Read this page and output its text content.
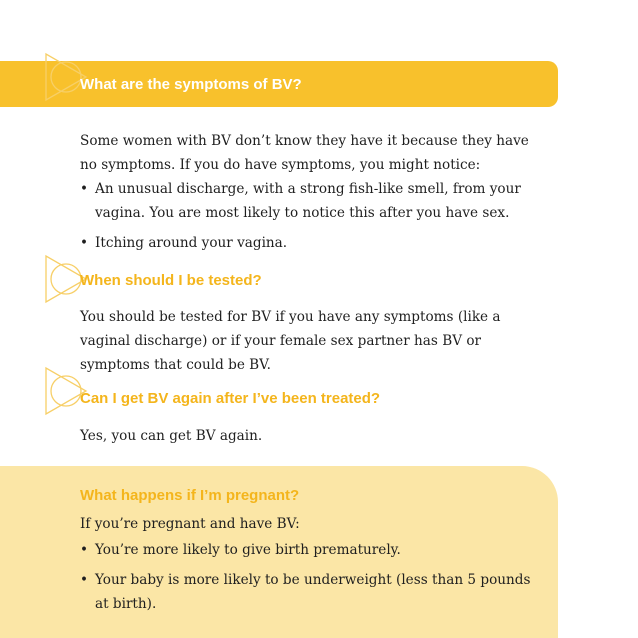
What are the symptoms of BV?

Some women with BV don’t know they have it because they have no symptoms. If you do have symptoms, you might notice:

• An unusual discharge, with a strong fish-like smell, from your vagina. You are most likely to notice this after you have sex.
• Itching around your vagina.
When should I be tested?

You should be tested for BV if you have any symptoms (like a vaginal discharge) or if your female sex partner has BV or symptoms that could be BV.

Can I get BV again after I’ve been treated?

Yes, you can get BV again.

What happens if I’m pregnant?

If you’re pregnant and have BV:

• You’re more likely to give birth prematurely.
• Your baby is more likely to be underweight (less than 5 pounds at birth).
